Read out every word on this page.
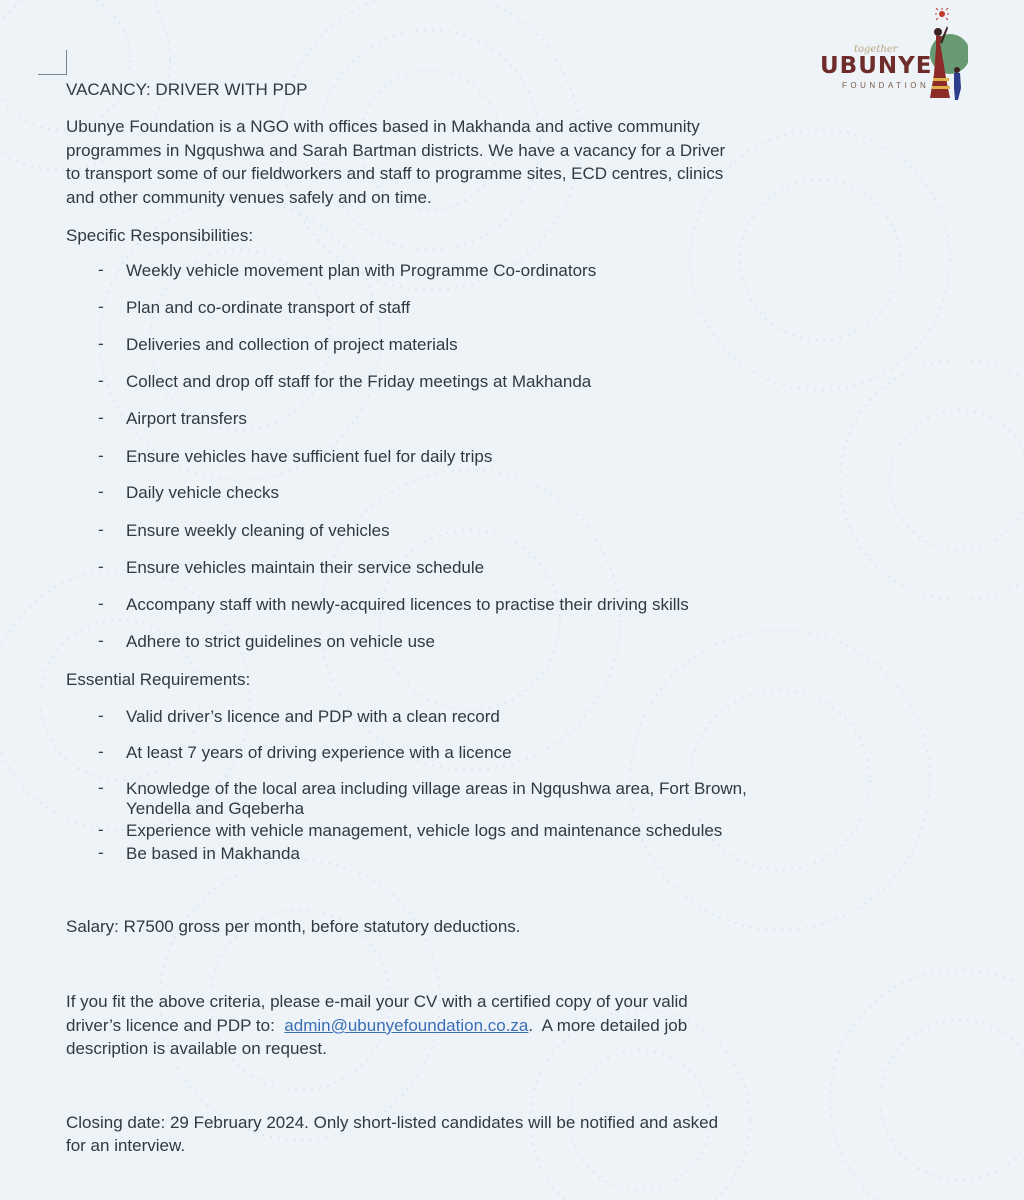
together
UBUNYE
FOUNDATION
VACANCY: DRIVER WITH PDP
Ubunye Foundation is a NGO with offices based in Makhanda and active community
programmes in Ngqushwa and Sarah Bartman districts. We have a vacancy for a Driver
to transport some of our fieldworkers and staff to programme sites, ECD centres, clinics
and other community venues safely and on time.
Specific Responsibilities:
- Weekly vehicle movement plan with Programme Co-ordinators
- Plan and co-ordinate transport of staff
- Deliveries and collection of project materials
- Collect and drop off staff for the Friday meetings at Makhanda
- Airport transfers
- Ensure vehicles have sufficient fuel for daily trips
- Daily vehicle checks
- Ensure weekly cleaning of vehicles
- Ensure vehicles maintain their service schedule
- Accompany staff with newly-acquired licences to practise their driving skills
- Adhere to strict guidelines on vehicle use
Essential Requirements:
- Valid driver’s licence and PDP with a clean record
- At least 7 years of driving experience with a licence
- Knowledge of the local area including village areas in Ngqushwa area, Fort Brown,
Yendella and Gqeberha
- Experience with vehicle management, vehicle logs and maintenance schedules
- Be based in Makhanda
Salary: R7500 gross per month, before statutory deductions.
If you fit the above criteria, please e-mail your CV with a certified copy of your valid
driver’s licence and PDP to:  admin@ubunyefoundation.co.za.  A more detailed job
description is available on request.
Closing date: 29 February 2024. Only short-listed candidates will be notified and asked
for an interview.
